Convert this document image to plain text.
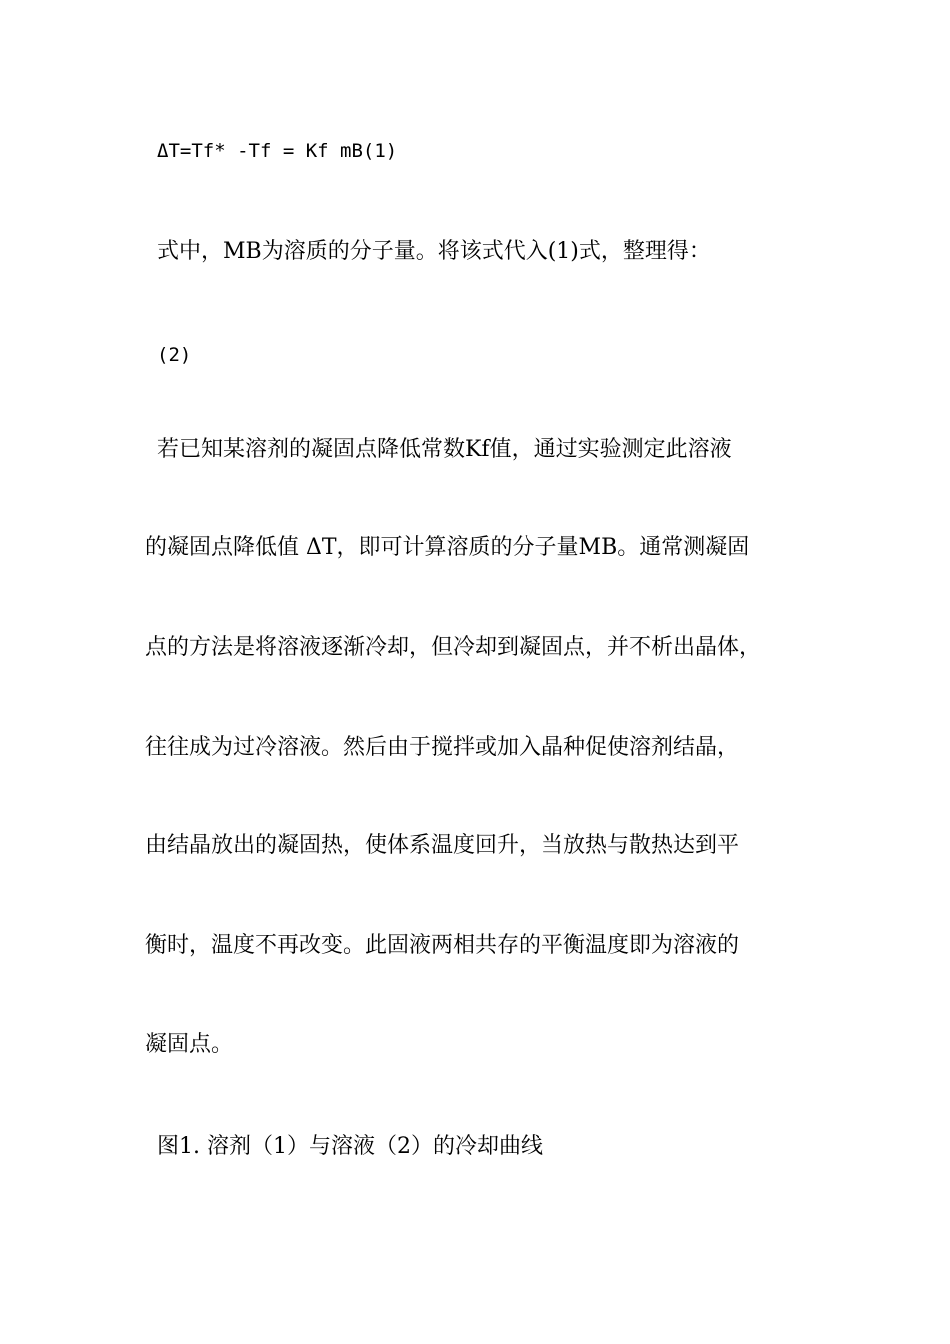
ΔT=Tf* -Tf = Kf mB(1)

式中，MB为溶质的分子量。将该式代入(1)式，整理得：

(2)

若已知某溶剂的凝固点降低常数Kf值，通过实验测定此溶液

的凝固点降低值 ΔT，即可计算溶质的分子量MB。通常测凝固

点的方法是将溶液逐渐冷却，但冷却到凝固点，并不析出晶体，

往往成为过冷溶液。然后由于搅拌或加入晶种促使溶剂结晶，

由结晶放出的凝固热，使体系温度回升，当放热与散热达到平

衡时，温度不再改变。此固液两相共存的平衡温度即为溶液的

凝固点。

图1. 溶剂（1）与溶液（2）的冷却曲线
